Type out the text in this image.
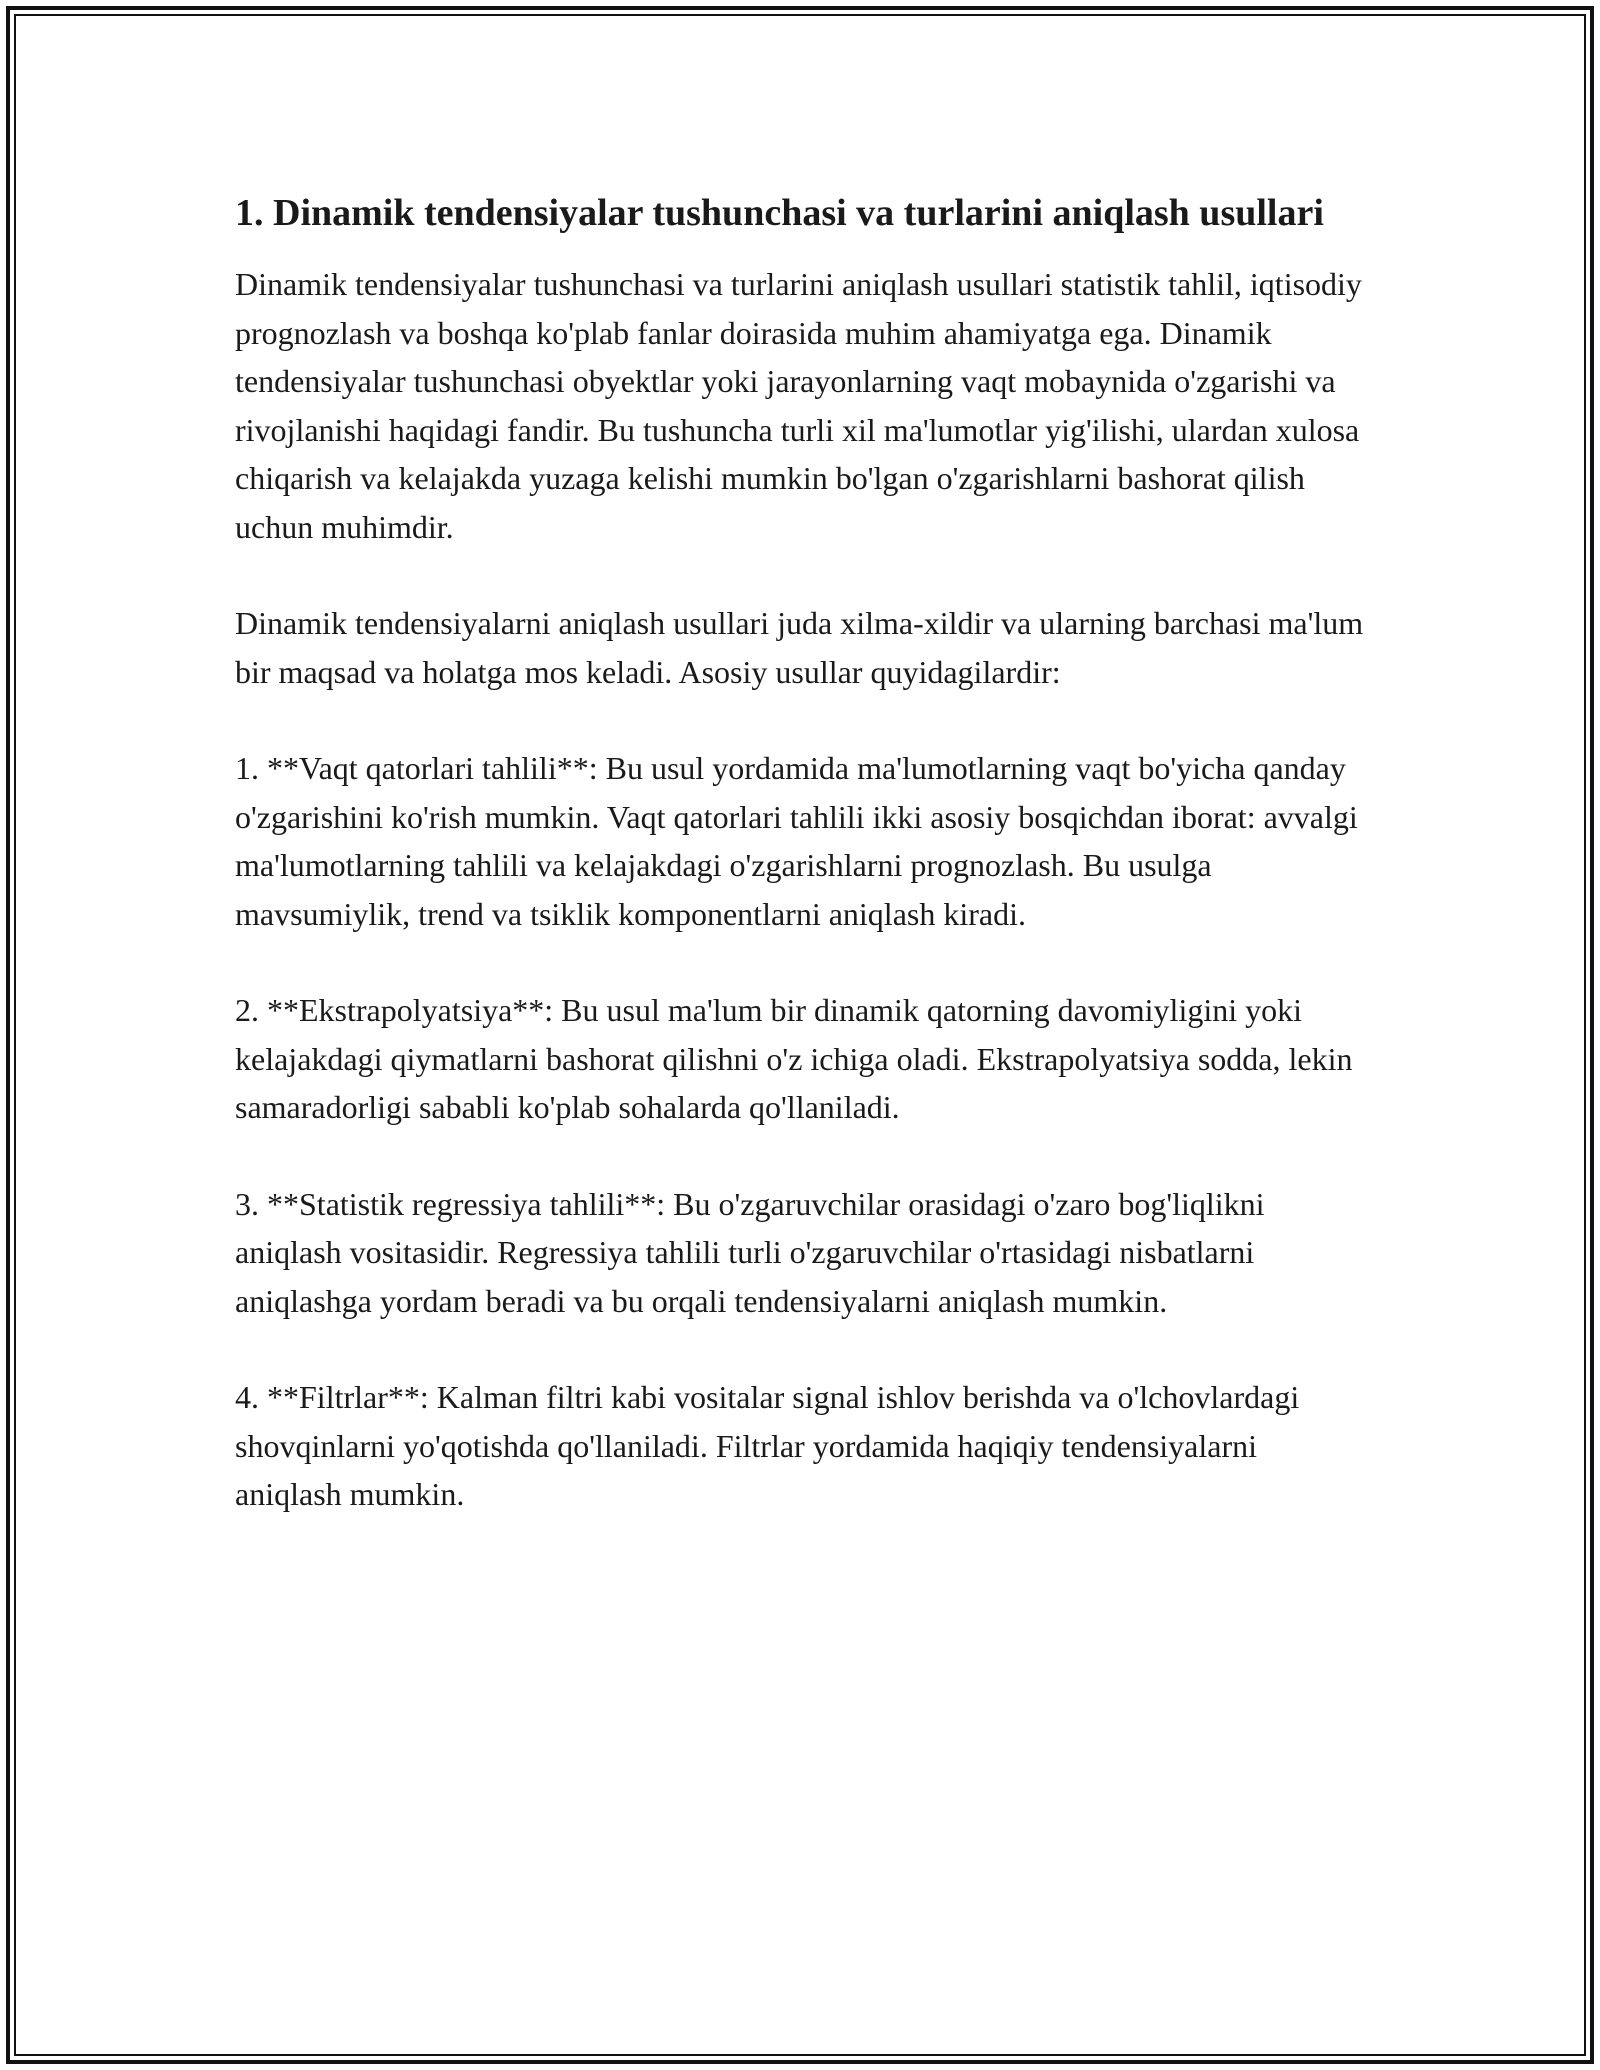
1. Dinamik tendensiyalar tushunchasi va turlarini aniqlash usullari

Dinamik tendensiyalar tushunchasi va turlarini aniqlash usullari statistik tahlil, iqtisodiy prognozlash va boshqa ko'plab fanlar doirasida muhim ahamiyatga ega. Dinamik tendensiyalar tushunchasi obyektlar yoki jarayonlarning vaqt mobaynida o'zgarishi va rivojlanishi haqidagi fandir. Bu tushuncha turli xil ma'lumotlar yig'ilishi, ulardan xulosa chiqarish va kelajakda yuzaga kelishi mumkin bo'lgan o'zgarishlarni bashorat qilish uchun muhimdir.

Dinamik tendensiyalarni aniqlash usullari juda xilma-xildir va ularning barchasi ma'lum bir maqsad va holatga mos keladi. Asosiy usullar quyidagilardir:

1. **Vaqt qatorlari tahlili**: Bu usul yordamida ma'lumotlarning vaqt bo'yicha qanday o'zgarishini ko'rish mumkin. Vaqt qatorlari tahlili ikki asosiy bosqichdan iborat: avvalgi ma'lumotlarning tahlili va kelajakdagi o'zgarishlarni prognozlash. Bu usulga mavsumiylik, trend va tsiklik komponentlarni aniqlash kiradi.

2. **Ekstrapolyatsiya**: Bu usul ma'lum bir dinamik qatorning davomiyligini yoki kelajakdagi qiymatlarni bashorat qilishni o'z ichiga oladi. Ekstrapolyatsiya sodda, lekin samaradorligi sababli ko'plab sohalarda qo'llaniladi.

3. **Statistik regressiya tahlili**: Bu o'zgaruvchilar orasidagi o'zaro bog'liqlikni aniqlash vositasidir. Regressiya tahlili turli o'zgaruvchilar o'rtasidagi nisbatlarni aniqlashga yordam beradi va bu orqali tendensiyalarni aniqlash mumkin.

4. **Filtrlar**: Kalman filtri kabi vositalar signal ishlov berishda va o'lchovlardagi shovqinlarni yo'qotishda qo'llaniladi. Filtrlar yordamida haqiqiy tendensiyalarni aniqlash mumkin.
